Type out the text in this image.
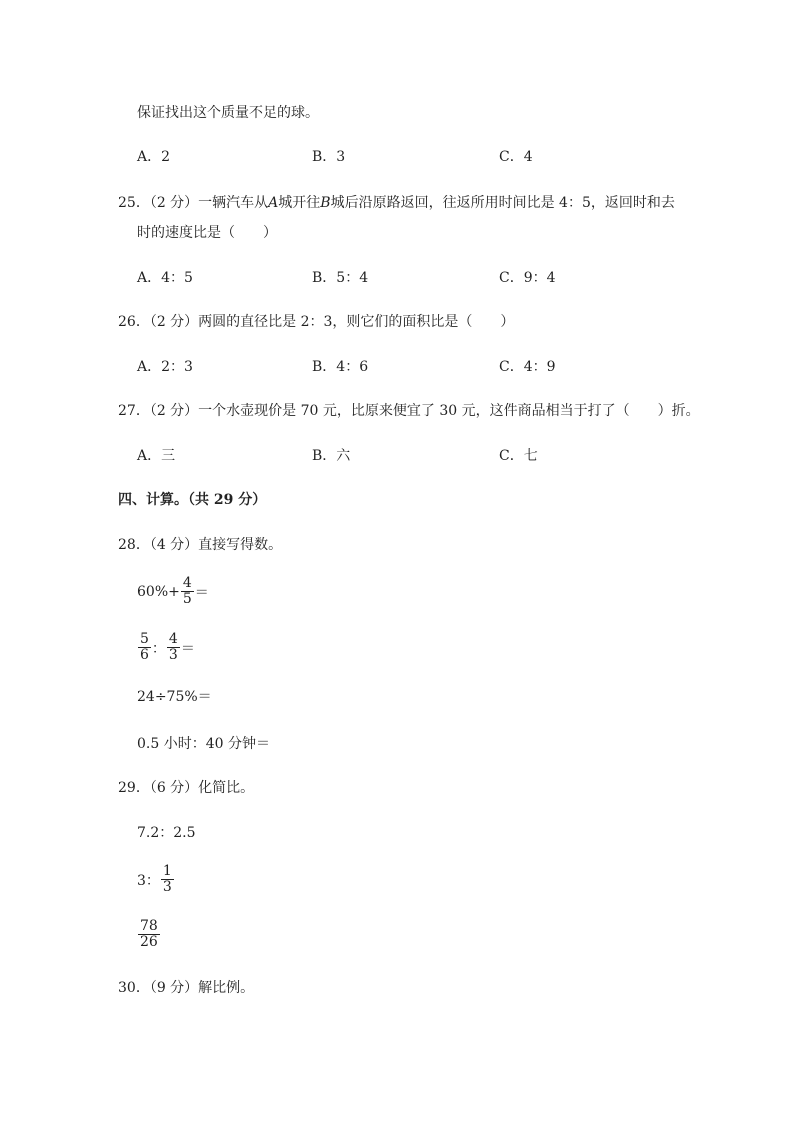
保证找出这个质量不足的球。
A．2	B．3	C．4
25．（2 分）一辆汽车从A城开往B城后沿原路返回，往返所用时间比是 4：5，返回时和去
时的速度比是（　　）
A．4：5	B．5：4	C．9：4
26．（2 分）两圆的直径比是 2：3，则它们的面积比是（　　）
A．2：3	B．4：6	C．4：9
27．（2 分）一个水壶现价是 70 元，比原来便宜了 30 元，这件商品相当于打了（　　）折。
A．三	B．六	C．七
四、计算。（共 29 分）
28．（4 分）直接写得数。
$60\%+ \frac{4}{5}$ ＝
$\frac{5}{6}$ ： $\frac{4}{3}$ ＝
24÷75%＝
0.5 小时：40 分钟＝
29．（6 分）化简比。
7.2：2.5
3： $\frac{1}{3}$
$\frac{78}{26}$
30．（9 分）解比例。
